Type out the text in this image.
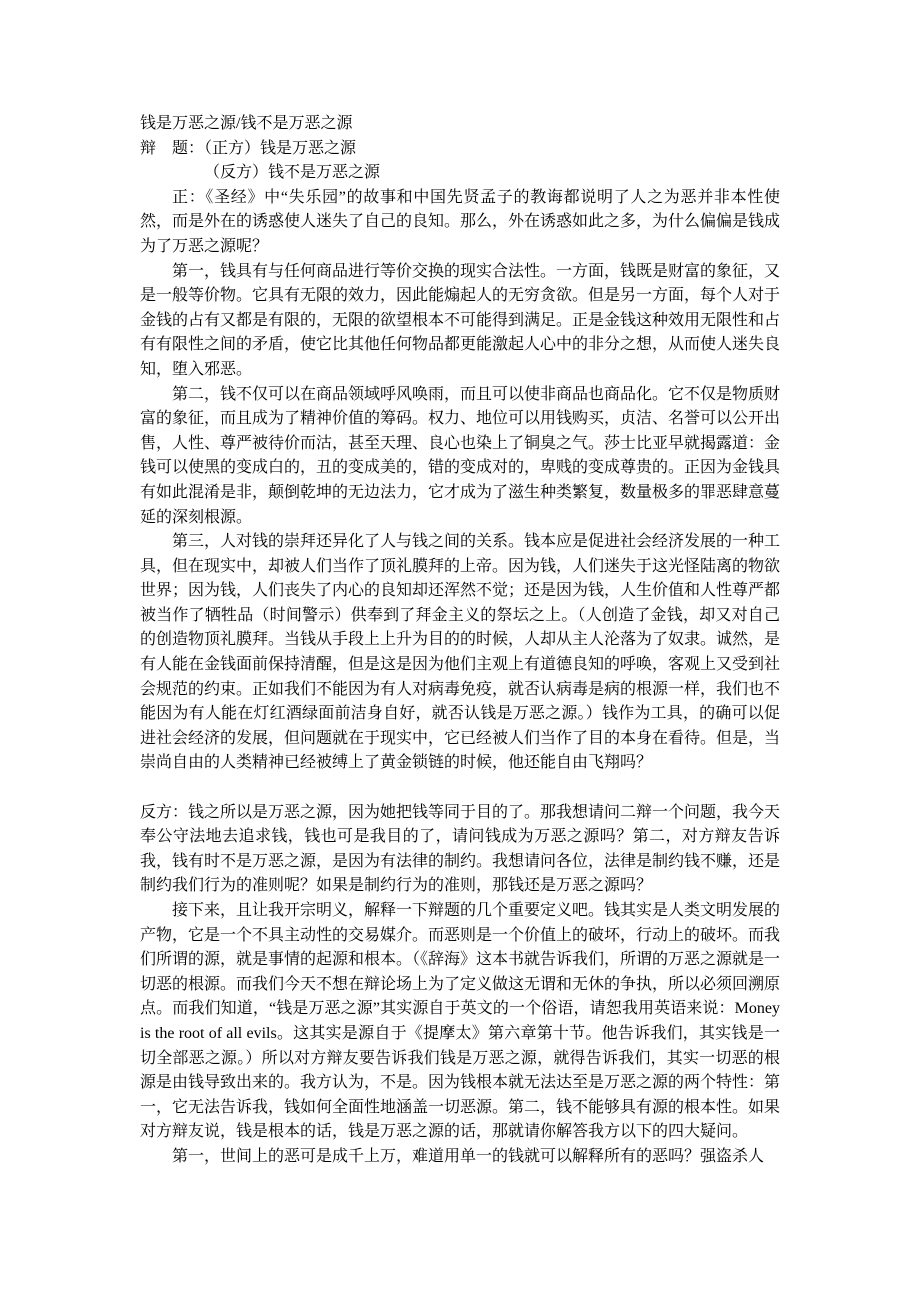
钱是万恶之源/钱不是万恶之源

辩　题：（正方）钱是万恶之源

（反方）钱不是万恶之源

正：《圣经》中“失乐园”的故事和中国先贤孟子的教诲都说明了人之为恶并非本性使然，而是外在的诱惑使人迷失了自己的良知。那么，外在诱惑如此之多，为什么偏偏是钱成为了万恶之源呢？

第一，钱具有与任何商品进行等价交换的现实合法性。一方面，钱既是财富的象征，又是一般等价物。它具有无限的效力，因此能煽起人的无穷贪欲。但是另一方面，每个人对于金钱的占有又都是有限的，无限的欲望根本不可能得到满足。正是金钱这种效用无限性和占有有限性之间的矛盾，使它比其他任何物品都更能激起人心中的非分之想，从而使人迷失良知，堕入邪恶。

第二，钱不仅可以在商品领域呼风唤雨，而且可以使非商品也商品化。它不仅是物质财富的象征，而且成为了精神价值的筹码。权力、地位可以用钱购买，贞洁、名誉可以公开出售，人性、尊严被待价而沽，甚至天理、良心也染上了铜臭之气。莎士比亚早就揭露道：金钱可以使黑的变成白的，丑的变成美的，错的变成对的，卑贱的变成尊贵的。正因为金钱具有如此混淆是非，颠倒乾坤的无边法力，它才成为了滋生种类繁复，数量极多的罪恶肆意蔓延的深刻根源。

第三，人对钱的崇拜还异化了人与钱之间的关系。钱本应是促进社会经济发展的一种工具，但在现实中，却被人们当作了顶礼膜拜的上帝。因为钱，人们迷失于这光怪陆离的物欲世界；因为钱，人们丧失了内心的良知却还浑然不觉；还是因为钱，人生价值和人性尊严都被当作了牺牲品（时间警示）供奉到了拜金主义的祭坛之上。（人创造了金钱，却又对自己的创造物顶礼膜拜。当钱从手段上上升为目的的时候，人却从主人沦落为了奴隶。诚然，是有人能在金钱面前保持清醒，但是这是因为他们主观上有道德良知的呼唤，客观上又受到社会规范的约束。正如我们不能因为有人对病毒免疫，就否认病毒是病的根源一样，我们也不能因为有人能在灯红酒绿面前洁身自好，就否认钱是万恶之源。）钱作为工具，的确可以促进社会经济的发展，但问题就在于现实中，它已经被人们当作了目的本身在看待。但是，当崇尚自由的人类精神已经被缚上了黄金锁链的时候，他还能自由飞翔吗？

反方：钱之所以是万恶之源，因为她把钱等同于目的了。那我想请问二辩一个问题，我今天奉公守法地去追求钱，钱也可是我目的了，请问钱成为万恶之源吗？第二，对方辩友告诉我，钱有时不是万恶之源，是因为有法律的制约。我想请问各位，法律是制约钱不赚，还是制约我们行为的准则呢？如果是制约行为的准则，那钱还是万恶之源吗？

接下来，且让我开宗明义，解释一下辩题的几个重要定义吧。钱其实是人类文明发展的产物，它是一个不具主动性的交易媒介。而恶则是一个价值上的破坏，行动上的破坏。而我们所谓的源，就是事情的起源和根本。（《辞海》这本书就告诉我们，所谓的万恶之源就是一切恶的根源。而我们今天不想在辩论场上为了定义做这无谓和无休的争执，所以必须回溯原点。而我们知道，“钱是万恶之源”其实源自于英文的一个俗语，请恕我用英语来说：Money is the root of all evils。这其实是源自于《提摩太》第六章第十节。他告诉我们，其实钱是一切全部恶之源。）所以对方辩友要告诉我们钱是万恶之源，就得告诉我们，其实一切恶的根源是由钱导致出来的。我方认为，不是。因为钱根本就无法达至是万恶之源的两个特性：第一，它无法告诉我，钱如何全面性地涵盖一切恶源。第二，钱不能够具有源的根本性。如果对方辩友说，钱是根本的话，钱是万恶之源的话，那就请你解答我方以下的四大疑问。

第一，世间上的恶可是成千上万，难道用单一的钱就可以解释所有的恶吗？强盗杀人
